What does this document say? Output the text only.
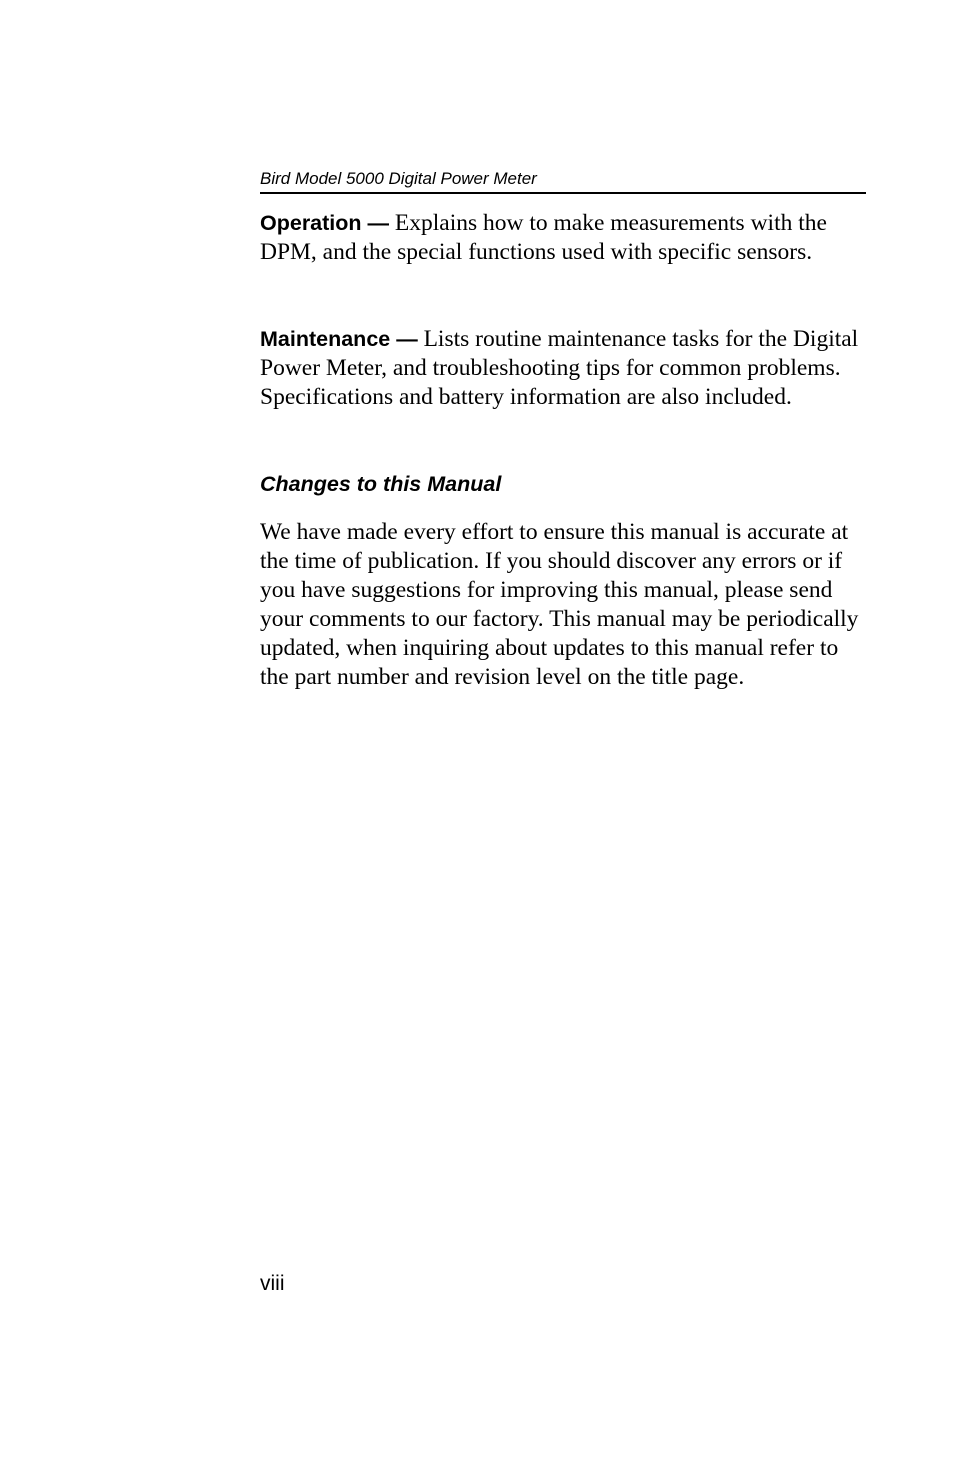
Bird Model 5000 Digital Power Meter
Operation — Explains how to make measurements with the DPM, and the special functions used with specific sensors.
Maintenance — Lists routine maintenance tasks for the Digital Power Meter, and troubleshooting tips for common problems. Specifications and battery information are also included.
Changes to this Manual
We have made every effort to ensure this manual is accurate at the time of publication. If you should discover any errors or if you have suggestions for improving this manual, please send your comments to our factory. This manual may be periodically updated, when inquiring about updates to this manual refer to the part number and revision level on the title page.
viii
